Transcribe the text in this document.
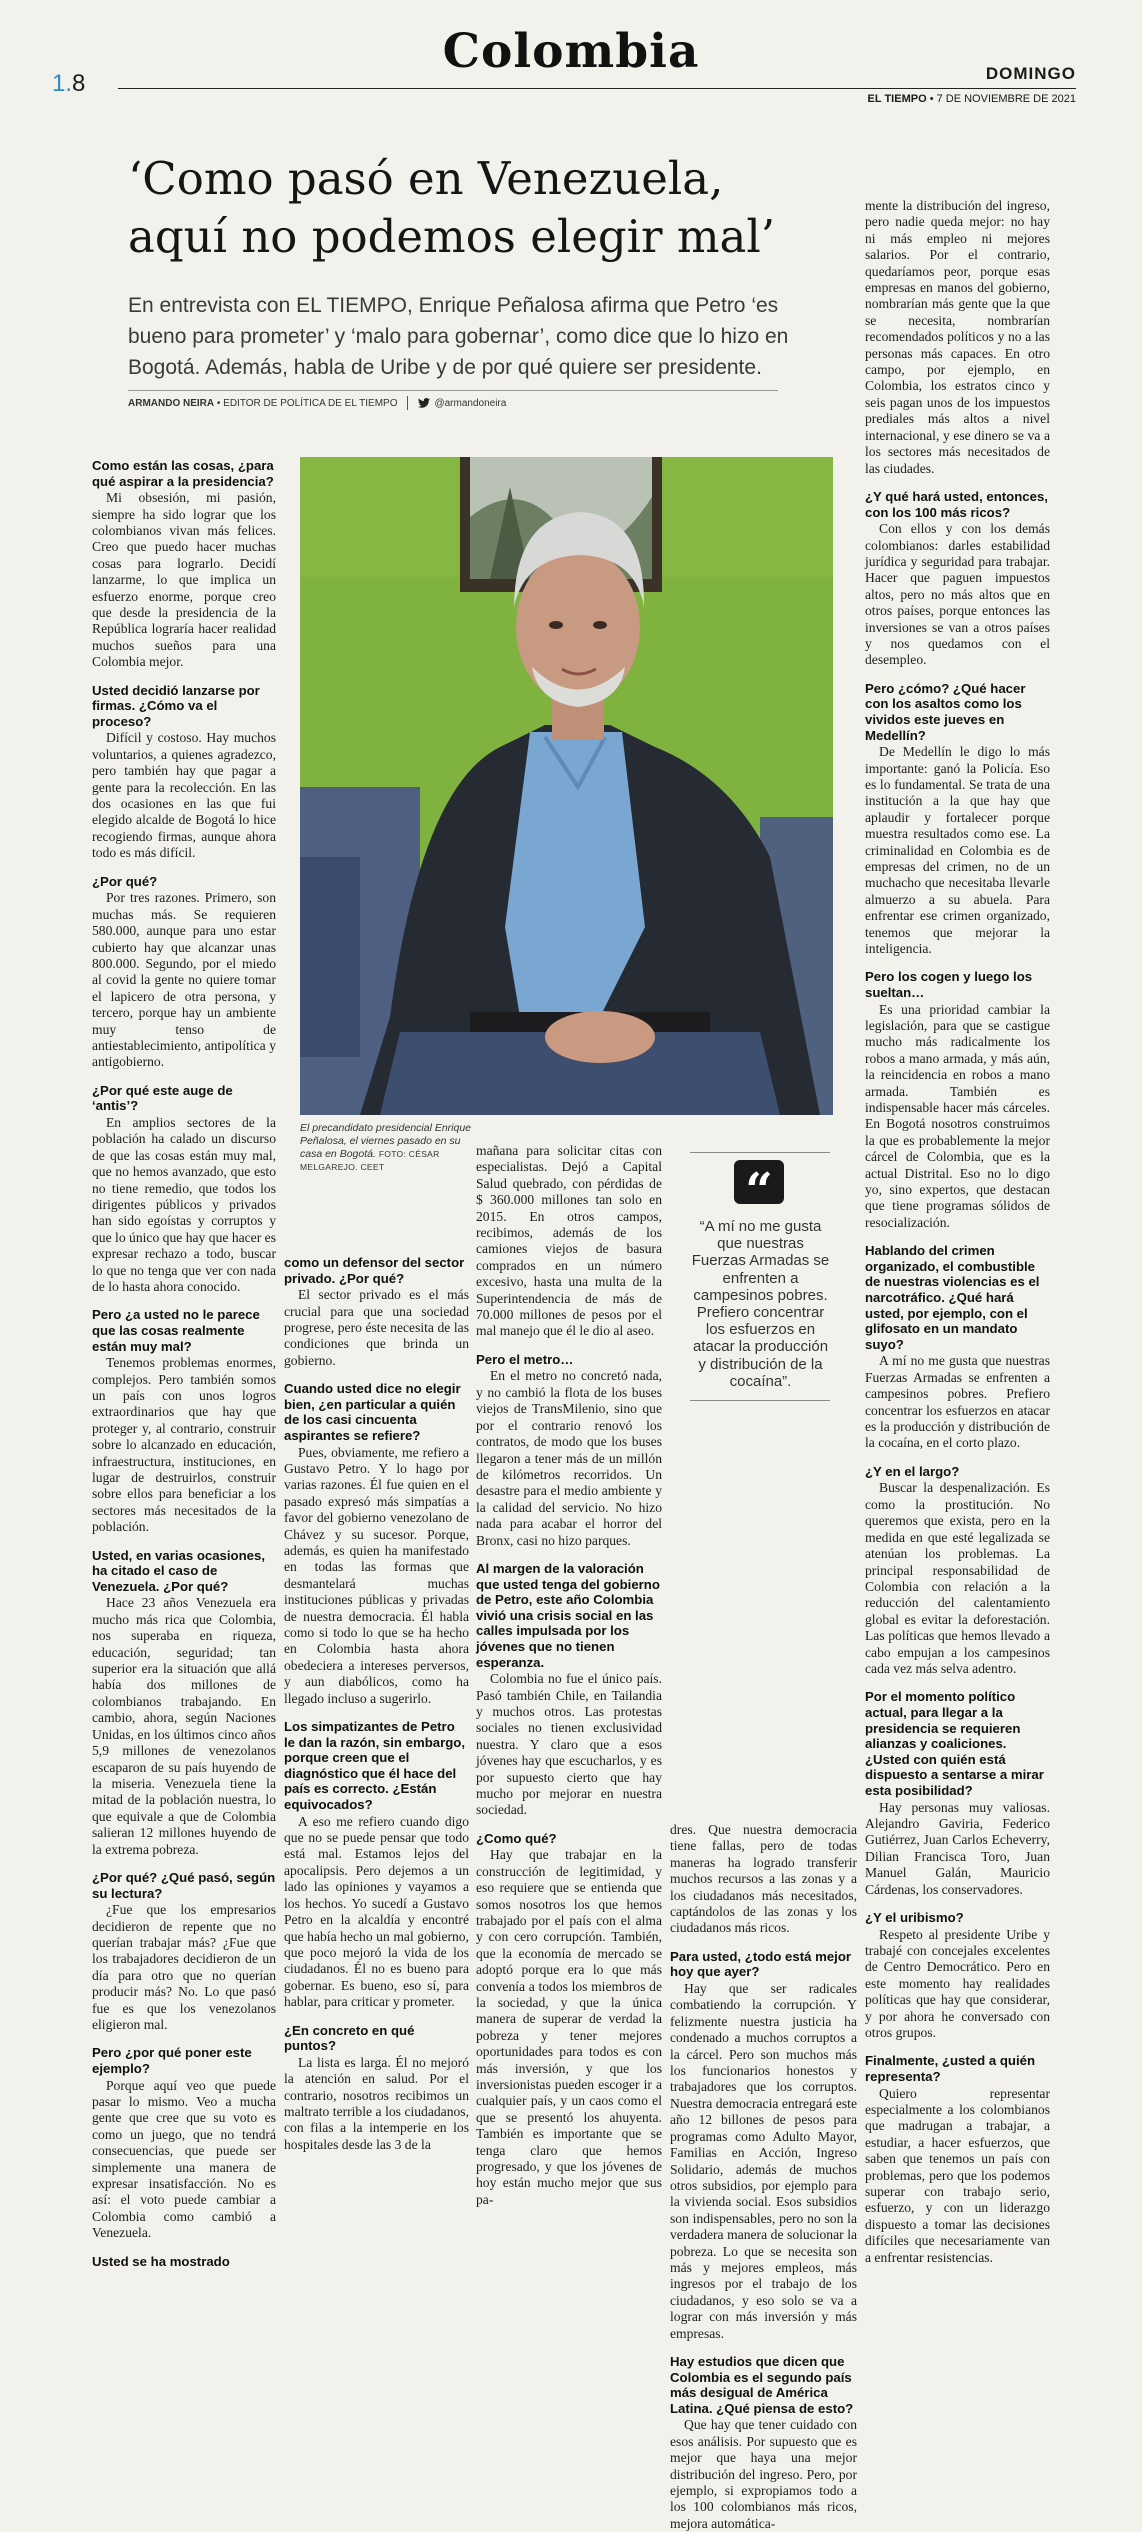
Colombia
1.8	DOMINGO
EL TIEMPO • 7 DE NOVIEMBRE DE 2021
‘Como pasó en Venezuela,
aquí no podemos elegir mal’
En entrevista con EL TIEMPO, Enrique Peñalosa afirma que Petro ‘es bueno para prometer’ y ‘malo para gobernar’, como dice que lo hizo en Bogotá. Además, habla de Uribe y de por qué quiere ser presidente.
ARMANDO NEIRA • EDITOR DE POLÍTICA DE EL TIEMPO	@armandoneira
El precandidato presidencial Enrique Peñalosa, el viernes pasado en su casa en Bogotá. FOTO: CÉSAR MELGAREJO. CEET	“
“A mí no me gusta que nuestras Fuerzas Armadas se enfrenten a campesinos pobres. Prefiero concentrar los esfuerzos en atacar la producción y distribución de la cocaína”.
Como están las cosas, ¿para qué aspirar a la presidencia?
Mi obsesión, mi pasión, siempre ha sido lograr que los colombianos vivan más felices. Creo que puedo hacer muchas cosas para lograrlo. Decidí lanzarme, lo que implica un esfuerzo enorme, porque creo que desde la presidencia de la República lograría hacer realidad muchos sueños para una Colombia mejor.
Usted decidió lanzarse por firmas. ¿Cómo va el proceso?
Difícil y costoso. Hay muchos voluntarios, a quienes agradezco, pero también hay que pagar a gente para la recolección. En las dos ocasiones en las que fui elegido alcalde de Bogotá lo hice recogiendo firmas, aunque ahora todo es más difícil.
¿Por qué?
Por tres razones. Primero, son muchas más. Se requieren 580.000, aunque para uno estar cubierto hay que alcanzar unas 800.000. Segundo, por el miedo al covid la gente no quiere tomar el lapicero de otra persona, y tercero, porque hay un ambiente muy tenso de antiestablecimiento, antipolítica y antigobierno.
¿Por qué este auge de ‘antis’?
En amplios sectores de la población ha calado un discurso de que las cosas están muy mal, que no hemos avanzado, que esto no tiene remedio, que todos los dirigentes públicos y privados han sido egoístas y corruptos y que lo único que hay que hacer es expresar rechazo a todo, buscar lo que no tenga que ver con nada de lo hasta ahora conocido.
Pero ¿a usted no le parece que las cosas realmente están muy mal?
Tenemos problemas enormes, complejos. Pero también somos un país con unos logros extraordinarios que hay que proteger y, al contrario, construir sobre lo alcanzado en educación, infraestructura, instituciones, en lugar de destruirlos, construir sobre ellos para beneficiar a los sectores más necesitados de la población.
Usted, en varias ocasiones, ha citado el caso de Venezuela. ¿Por qué?
Hace 23 años Venezuela era mucho más rica que Colombia, nos superaba en riqueza, educación, seguridad; tan superior era la situación que allá había dos millones de colombianos trabajando. En cambio, ahora, según Naciones Unidas, en los últimos cinco años 5,9 millones de venezolanos escaparon de su país huyendo de la miseria. Venezuela tiene la mitad de la población nuestra, lo que equivale a que de Colombia salieran 12 millones huyendo de la extrema pobreza.
¿Por qué? ¿Qué pasó, según su lectura?
¿Fue que los empresarios decidieron de repente que no querían trabajar más? ¿Fue que los trabajadores decidieron de un día para otro que no querían producir más? No. Lo que pasó fue es que los venezolanos eligieron mal.
Pero ¿por qué poner este ejemplo?
Porque aquí veo que puede pasar lo mismo. Veo a mucha gente que cree que su voto es como un juego, que no tendrá consecuencias, que puede ser simplemente una manera de expresar insatisfacción. No es así: el voto puede cambiar a Colombia como cambió a Venezuela.
Usted se ha mostrado
como un defensor del sector privado. ¿Por qué?
El sector privado es el más crucial para que una sociedad progrese, pero éste necesita de las condiciones que brinda un gobierno.
Cuando usted dice no elegir bien, ¿en particular a quién de los casi cincuenta aspirantes se refiere?
Pues, obviamente, me refiero a Gustavo Petro. Y lo hago por varias razones. Él fue quien en el pasado expresó más simpatías a favor del gobierno venezolano de Chávez y su sucesor. Porque, además, es quien ha manifestado en todas las formas que desmantelará muchas instituciones públicas y privadas de nuestra democracia. Él habla como si todo lo que se ha hecho en Colombia hasta ahora obedeciera a intereses perversos, y aun diabólicos, como ha llegado incluso a sugerirlo.
Los simpatizantes de Petro le dan la razón, sin embargo, porque creen que el diagnóstico que él hace del país es correcto. ¿Están equivocados?
A eso me refiero cuando digo que no se puede pensar que todo está mal. Estamos lejos del apocalipsis. Pero dejemos a un lado las opiniones y vayamos a los hechos. Yo sucedí a Gustavo Petro en la alcaldía y encontré que había hecho un mal gobierno, que poco mejoró la vida de los ciudadanos. Él no es bueno para gobernar. Es bueno, eso sí, para hablar, para criticar y prometer.
¿En concreto en qué puntos?
La lista es larga. Él no mejoró la atención en salud. Por el contrario, nosotros recibimos un maltrato terrible a los ciudadanos, con filas a la intemperie en los hospitales desde las 3 de la
mañana para solicitar citas con especialistas. Dejó a Capital Salud quebrado, con pérdidas de $ 360.000 millones tan solo en 2015. En otros campos, recibimos, además de los camiones viejos de basura comprados en un número excesivo, hasta una multa de la Superintendencia de más de 70.000 millones de pesos por el mal manejo que él le dio al aseo.
Pero el metro…
En el metro no concretó nada, y no cambió la flota de los buses viejos de TransMilenio, sino que por el contrario renovó los contratos, de modo que los buses llegaron a tener más de un millón de kilómetros recorridos. Un desastre para el medio ambiente y la calidad del servicio. No hizo nada para acabar el horror del Bronx, casi no hizo parques.
Al margen de la valoración que usted tenga del gobierno de Petro, este año Colombia vivió una crisis social en las calles impulsada por los jóvenes que no tienen esperanza.
Colombia no fue el único país. Pasó también Chile, en Tailandia y muchos otros. Las protestas sociales no tienen exclusividad nuestra. Y claro que a esos jóvenes hay que escucharlos, y es por supuesto cierto que hay mucho por mejorar en nuestra sociedad.
¿Como qué?
Hay que trabajar en la construcción de legitimidad, y eso requiere que se entienda que somos nosotros los que hemos trabajado por el país con el alma y con cero corrupción. También, que la economía de mercado se adoptó porque era lo que más convenía a todos los miembros de la sociedad, y que la única manera de superar de verdad la pobreza y tener mejores oportunidades para todos es con más inversión, y que los inversionistas pueden escoger ir a cualquier país, y un caos como el que se presentó los ahuyenta. También es importante que se tenga claro que hemos progresado, y que los jóvenes de hoy están mucho mejor que sus pa-
dres. Que nuestra democracia tiene fallas, pero de todas maneras ha logrado transferir muchos recursos a las zonas y a los ciudadanos más necesitados, captándolos de las zonas y los ciudadanos más ricos.
Para usted, ¿todo está mejor hoy que ayer?
Hay que ser radicales combatiendo la corrupción. Y felizmente nuestra justicia ha condenado a muchos corruptos a la cárcel. Pero son muchos más los funcionarios honestos y trabajadores que los corruptos. Nuestra democracia entregará este año 12 billones de pesos para programas como Adulto Mayor, Familias en Acción, Ingreso Solidario, además de muchos otros subsidios, por ejemplo para la vivienda social. Esos subsidios son indispensables, pero no son la verdadera manera de solucionar la pobreza. Lo que se necesita son más y mejores empleos, más ingresos por el trabajo de los ciudadanos, y eso solo se va a lograr con más inversión y más empresas.
Hay estudios que dicen que Colombia es el segundo país más desigual de América Latina. ¿Qué piensa de esto?
Que hay que tener cuidado con esos análisis. Por supuesto que es mejor que haya una mejor distribución del ingreso. Pero, por ejemplo, si expropiamos todo a los 100 colombianos más ricos, mejora automática-
mente la distribución del ingreso, pero nadie queda mejor: no hay ni más empleo ni mejores salarios. Por el contrario, quedaríamos peor, porque esas empresas en manos del gobierno, nombrarían más gente que la que se necesita, nombrarían recomendados políticos y no a las personas más capaces. En otro campo, por ejemplo, en Colombia, los estratos cinco y seis pagan unos de los impuestos prediales más altos a nivel internacional, y ese dinero se va a los sectores más necesitados de las ciudades.
¿Y qué hará usted, entonces, con los 100 más ricos?
Con ellos y con los demás colombianos: darles estabilidad jurídica y seguridad para trabajar. Hacer que paguen impuestos altos, pero no más altos que en otros países, porque entonces las inversiones se van a otros países y nos quedamos con el desempleo.
Pero ¿cómo? ¿Qué hacer con los asaltos como los vividos este jueves en Medellín?
De Medellín le digo lo más importante: ganó la Policía. Eso es lo fundamental. Se trata de una institución a la que hay que aplaudir y fortalecer porque muestra resultados como ese. La criminalidad en Colombia es de empresas del crimen, no de un muchacho que necesitaba llevarle almuerzo a su abuela. Para enfrentar ese crimen organizado, tenemos que mejorar la inteligencia.
Pero los cogen y luego los sueltan…
Es una prioridad cambiar la legislación, para que se castigue mucho más radicalmente los robos a mano armada, y más aún, la reincidencia en robos a mano armada. También es indispensable hacer más cárceles. En Bogotá nosotros construimos la que es probablemente la mejor cárcel de Colombia, que es la actual Distrital. Eso no lo digo yo, sino expertos, que destacan que tiene programas sólidos de resocialización.
Hablando del crimen organizado, el combustible de nuestras violencias es el narcotráfico. ¿Qué hará usted, por ejemplo, con el glifosato en un mandato suyo?
A mí no me gusta que nuestras Fuerzas Armadas se enfrenten a campesinos pobres. Prefiero concentrar los esfuerzos en atacar es la producción y distribución de la cocaína, en el corto plazo.
¿Y en el largo?
Buscar la despenalización. Es como la prostitución. No queremos que exista, pero en la medida en que esté legalizada se atenúan los problemas. La principal responsabilidad de Colombia con relación a la reducción del calentamiento global es evitar la deforestación. Las políticas que hemos llevado a cabo empujan a los campesinos cada vez más selva adentro.
Por el momento político actual, para llegar a la presidencia se requieren alianzas y coaliciones. ¿Usted con quién está dispuesto a sentarse a mirar esta posibilidad?
Hay personas muy valiosas. Alejandro Gaviria, Federico Gutiérrez, Juan Carlos Echeverry, Dilian Francisca Toro, Juan Manuel Galán, Mauricio Cárdenas, los conservadores.
¿Y el uribismo?
Respeto al presidente Uribe y trabajé con concejales excelentes de Centro Democrático. Pero en este momento hay realidades políticas que hay que considerar, y por ahora he conversado con otros grupos.
Finalmente, ¿usted a quién representa?
Quiero representar especialmente a los colombianos que madrugan a trabajar, a estudiar, a hacer esfuerzos, que saben que tenemos un país con problemas, pero que los podemos superar con trabajo serio, esfuerzo, y con un liderazgo dispuesto a tomar las decisiones difíciles que necesariamente van a enfrentar resistencias.
